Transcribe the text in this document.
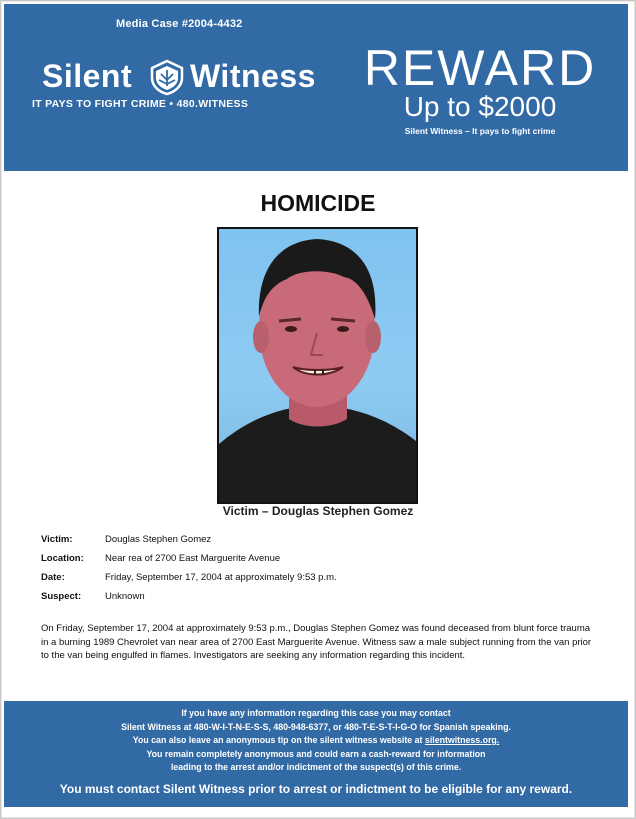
Media Case #2004-4432
Silent Witness
IT PAYS TO FIGHT CRIME • 480.WITNESS
REWARD
Up to $2000
Silent Witness – It pays to fight crime
HOMICIDE
Victim – Douglas Stephen Gomez
Victim:	Douglas Stephen Gomez
Location:	Near rea of 2700 East Marguerite Avenue
Date:	Friday, September 17, 2004 at approximately 9:53 p.m.
Suspect:	Unknown
On Friday, September 17, 2004 at approximately 9:53 p.m., Douglas Stephen Gomez was found deceased from blunt force trauma in a burning 1989 Chevrolet van near area of 2700 East Marguerite Avenue. Witness saw a male subject running from the van prior to the van being engulfed in flames. Investigators are seeking any information regarding this incident.
If you have any information regarding this case you may contact
Silent Witness at 480-W-I-T-N-E-S-S, 480-948-6377, or 480-T-E-S-T-I-G-O for Spanish speaking.
You can also leave an anonymous tip on the silent witness website at silentwitness.org.
You remain completely anonymous and could earn a cash-reward for information
leading to the arrest and/or indictment of the suspect(s) of this crime.
You must contact Silent Witness prior to arrest or indictment to be eligible for any reward.
